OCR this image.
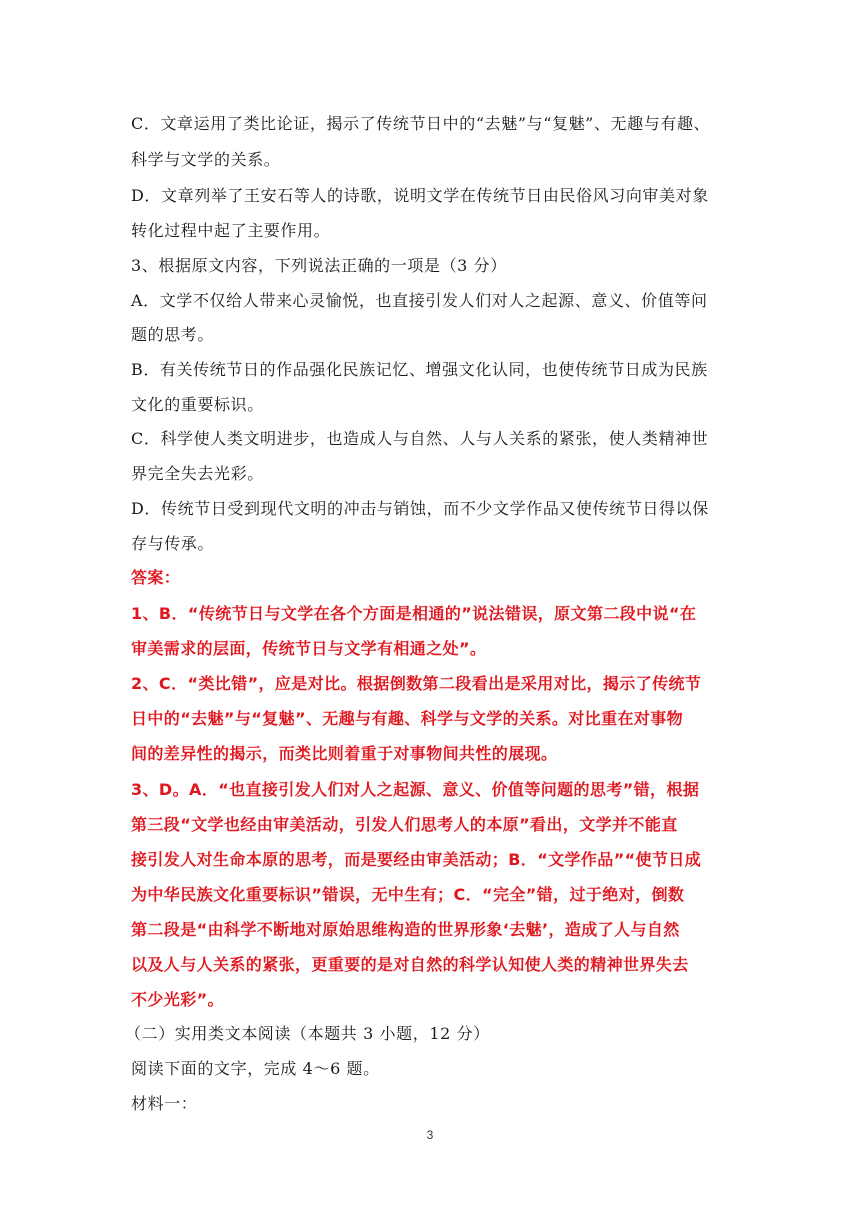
C．文章运用了类比论证，揭示了传统节日中的“去魅”与“复魅”、无趣与有趣、

科学与文学的关系。

D．文章列举了王安石等人的诗歌，说明文学在传统节日由民俗风习向审美对象

转化过程中起了主要作用。

3、根据原文内容，下列说法正确的一项是（3 分）

A．文学不仅给人带来心灵愉悦，也直接引发人们对人之起源、意义、价值等问

题的思考。

B．有关传统节日的作品强化民族记忆、增强文化认同，也使传统节日成为民族

文化的重要标识。

C．科学使人类文明进步，也造成人与自然、人与人关系的紧张，使人类精神世

界完全失去光彩。

D．传统节日受到现代文明的冲击与销蚀，而不少文学作品又使传统节日得以保

存与传承。

答案：

1、B．“传统节日与文学在各个方面是相通的”说法错误，原文第二段中说“在

审美需求的层面，传统节日与文学有相通之处”。

2、C．“类比错”，应是对比。根据倒数第二段看出是采用对比，揭示了传统节

日中的“去魅”与“复魅”、无趣与有趣、科学与文学的关系。对比重在对事物

间的差异性的揭示，而类比则着重于对事物间共性的展现。

3、D。A．“也直接引发人们对人之起源、意义、价值等问题的思考”错，根据

第三段“文学也经由审美活动，引发人们思考人的本原”看出，文学并不能直

接引发人对生命本原的思考，而是要经由审美活动；B．“文学作品”“使节日成

为中华民族文化重要标识”错误，无中生有；C．“完全”错，过于绝对，倒数

第二段是“由科学不断地对原始思维构造的世界形象‘去魅’，造成了人与自然

以及人与人关系的紧张，更重要的是对自然的科学认知使人类的精神世界失去

不少光彩”。

（二）实用类文本阅读（本题共 3 小题，12 分）

阅读下面的文字，完成 4～6 题。

材料一：

3
